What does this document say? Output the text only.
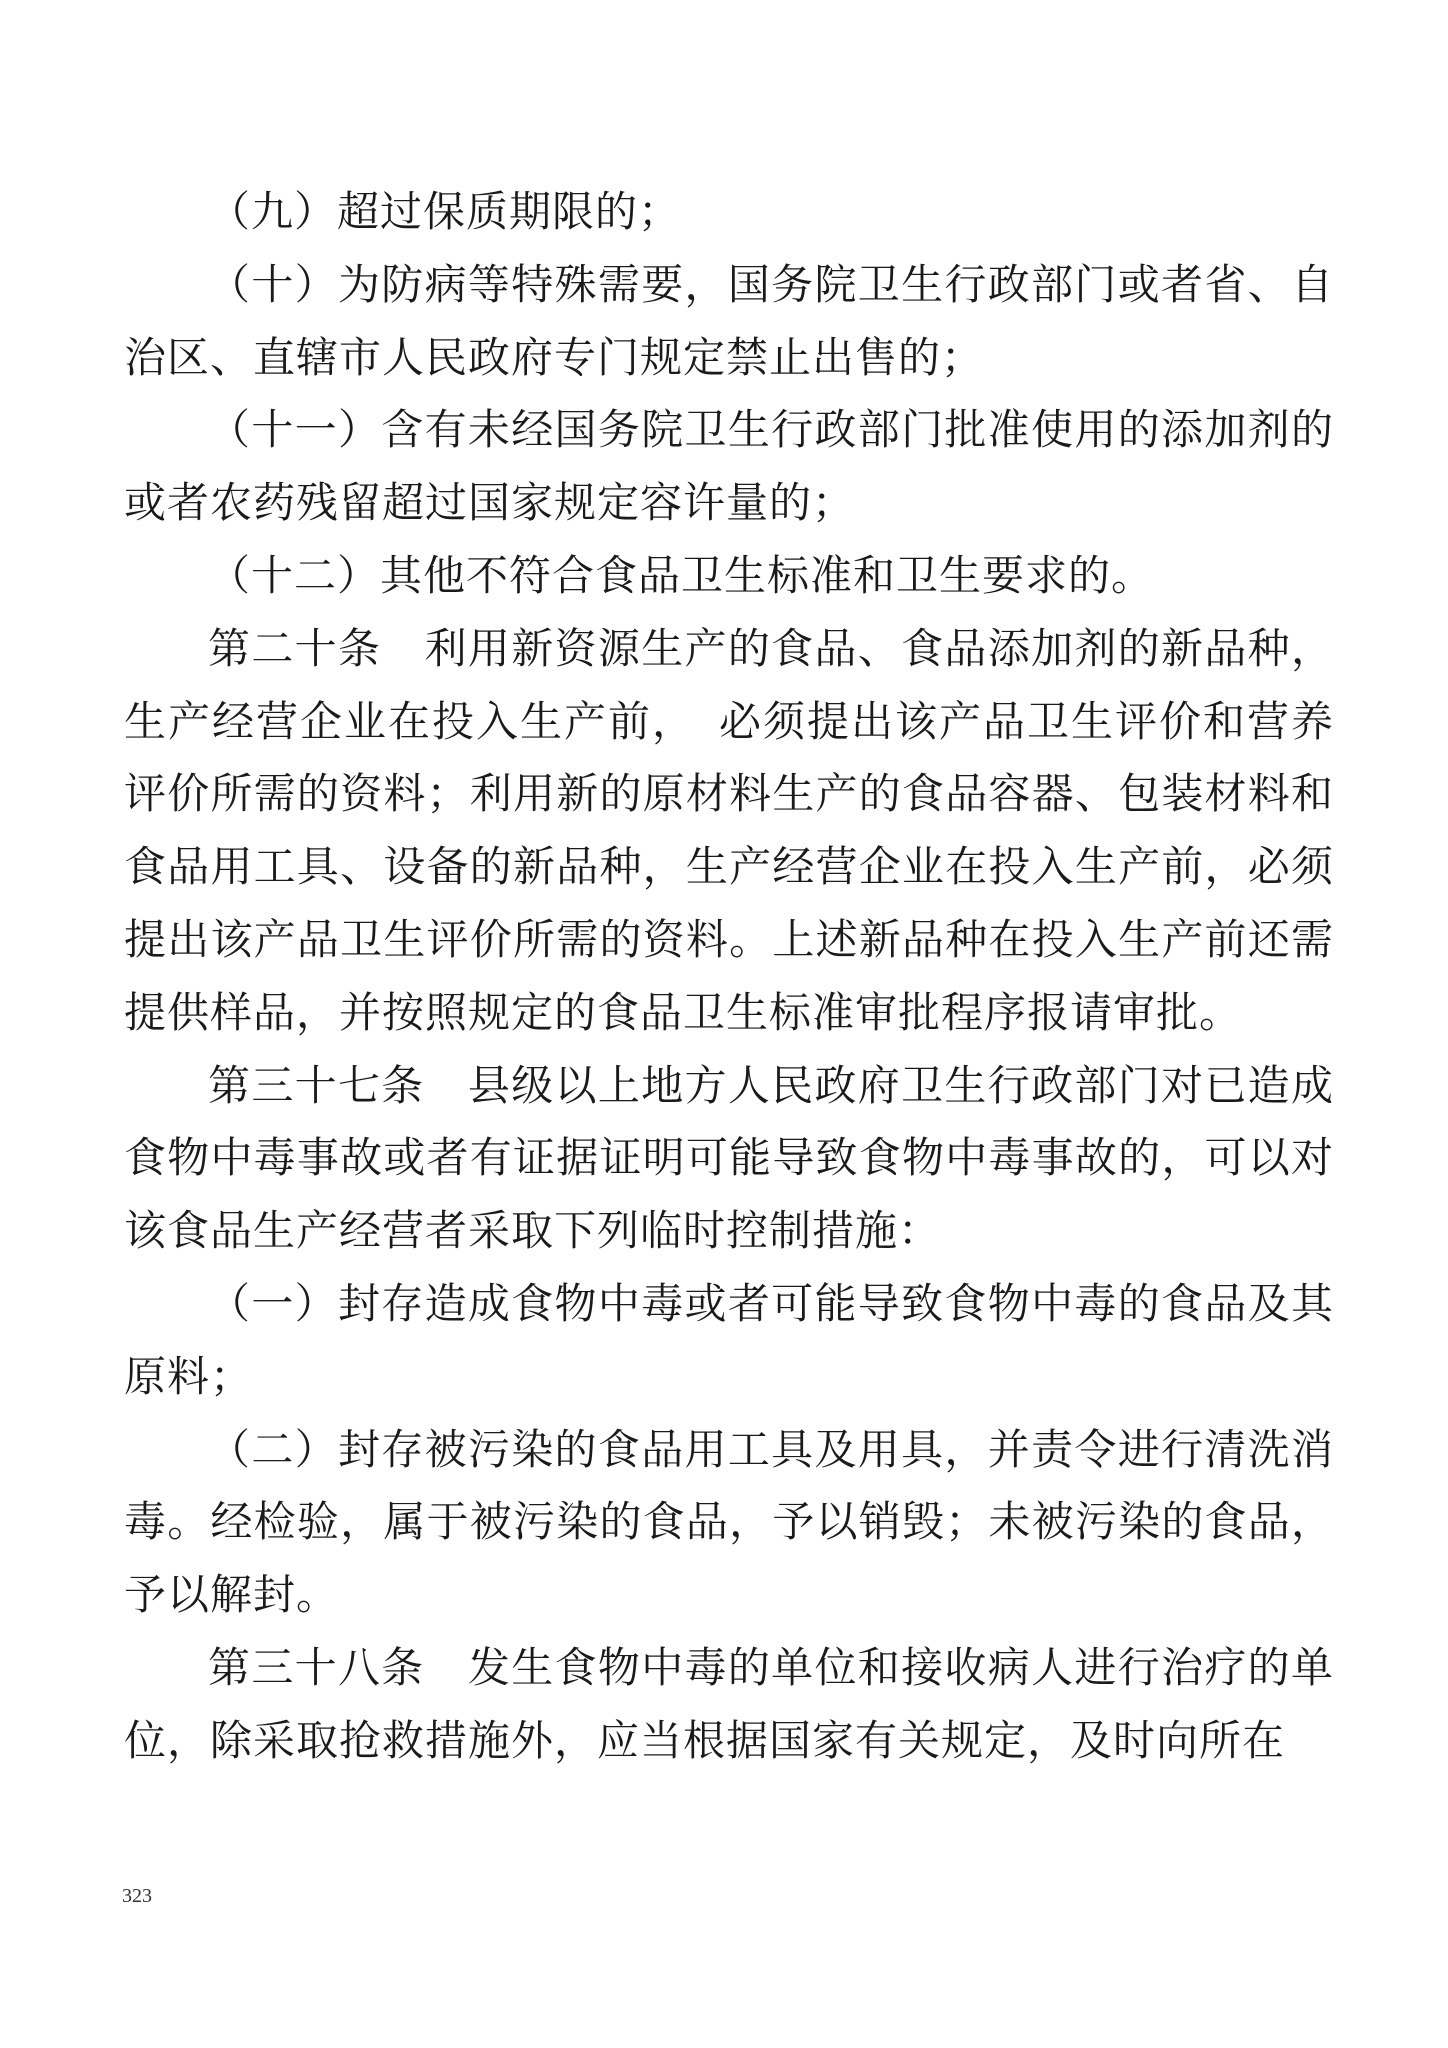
（九）超过保质期限的；

（十）为防病等特殊需要，国务院卫生行政部门或者省、自治区、直辖市人民政府专门规定禁止出售的；

（十一）含有未经国务院卫生行政部门批准使用的添加剂的或者农药残留超过国家规定容许量的；

（十二）其他不符合食品卫生标准和卫生要求的。

第二十条　利用新资源生产的食品、食品添加剂的新品种，生产经营企业在投入生产前，　必须提出该产品卫生评价和营养评价所需的资料；利用新的原材料生产的食品容器、包装材料和食品用工具、设备的新品种，生产经营企业在投入生产前，必须提出该产品卫生评价所需的资料。上述新品种在投入生产前还需提供样品，并按照规定的食品卫生标准审批程序报请审批。

第三十七条　县级以上地方人民政府卫生行政部门对已造成食物中毒事故或者有证据证明可能导致食物中毒事故的，可以对该食品生产经营者采取下列临时控制措施：

（一）封存造成食物中毒或者可能导致食物中毒的食品及其原料；

（二）封存被污染的食品用工具及用具，并责令进行清洗消毒。经检验，属于被污染的食品，予以销毁；未被污染的食品，予以解封。

第三十八条　发生食物中毒的单位和接收病人进行治疗的单位，除采取抢救措施外，应当根据国家有关规定，及时向所在

323
